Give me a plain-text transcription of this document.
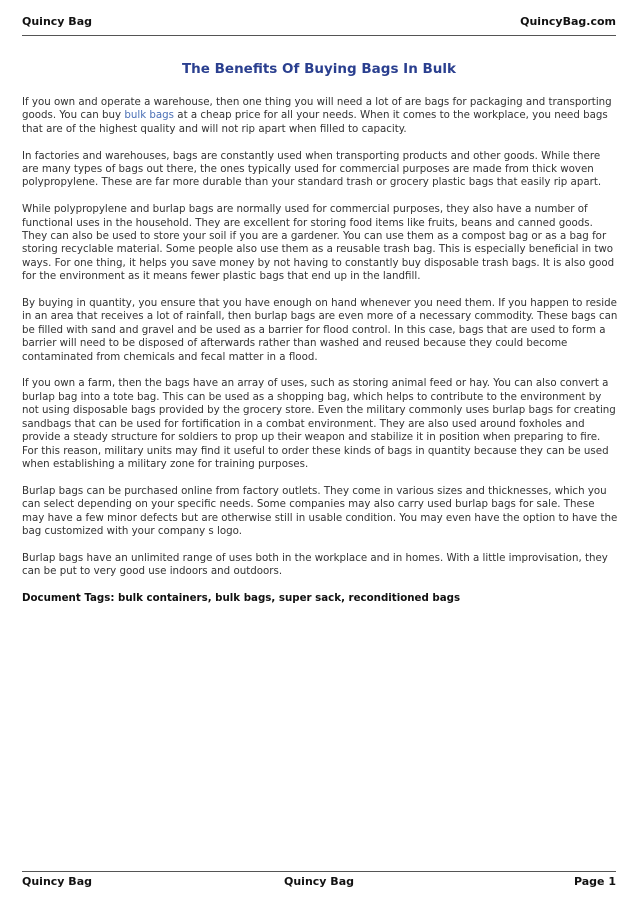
Quincy Bag	QuincyBag.com
The Benefits Of Buying Bags In Bulk

If you own and operate a warehouse, then one thing you will need a lot of are bags for packaging and transporting goods. You can buy bulk bags at a cheap price for all your needs. When it comes to the workplace, you need bags that are of the highest quality and will not rip apart when filled to capacity.

In factories and warehouses, bags are constantly used when transporting products and other goods. While there are many types of bags out there, the ones typically used for commercial purposes are made from thick woven polypropylene. These are far more durable than your standard trash or grocery plastic bags that easily rip apart.

While polypropylene and burlap bags are normally used for commercial purposes, they also have a number of functional uses in the household. They are excellent for storing food items like fruits, beans and canned goods. They can also be used to store your soil if you are a gardener. You can use them as a compost bag or as a bag for storing recyclable material. Some people also use them as a reusable trash bag. This is especially beneficial in two ways. For one thing, it helps you save money by not having to constantly buy disposable trash bags. It is also good for the environment as it means fewer plastic bags that end up in the landfill.

By buying in quantity, you ensure that you have enough on hand whenever you need them. If you happen to reside in an area that receives a lot of rainfall, then burlap bags are even more of a necessary commodity. These bags can be filled with sand and gravel and be used as a barrier for flood control. In this case, bags that are used to form a barrier will need to be disposed of afterwards rather than washed and reused because they could become contaminated from chemicals and fecal matter in a flood.

If you own a farm, then the bags have an array of uses, such as storing animal feed or hay. You can also convert a burlap bag into a tote bag. This can be used as a shopping bag, which helps to contribute to the environment by not using disposable bags provided by the grocery store. Even the military commonly uses burlap bags for creating sandbags that can be used for fortification in a combat environment. They are also used around foxholes and provide a steady structure for soldiers to prop up their weapon and stabilize it in position when preparing to fire. For this reason, military units may find it useful to order these kinds of bags in quantity because they can be used when establishing a military zone for training purposes.

Burlap bags can be purchased online from factory outlets. They come in various sizes and thicknesses, which you can select depending on your specific needs. Some companies may also carry used burlap bags for sale. These may have a few minor defects but are otherwise still in usable condition. You may even have the option to have the bag customized with your company s logo.

Burlap bags have an unlimited range of uses both in the workplace and in homes. With a little improvisation, they can be put to very good use indoors and outdoors.

Document Tags: bulk containers, bulk bags, super sack, reconditioned bags

Quincy Bag	Quincy Bag	Page 1
